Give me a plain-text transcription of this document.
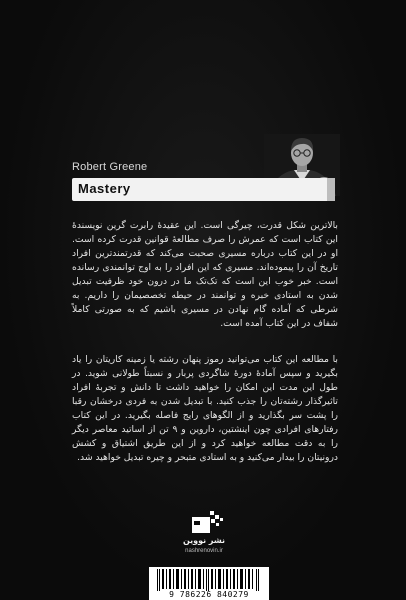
Robert Greene
Mastery
بالاترین شکل قدرت، چیرگی است. این عقیدۀ رابرت گرین نویسندۀ این کتاب است که عمرش را صرف مطالعۀ قوانین قدرت کرده است. او در این کتاب درباره مسیری صحبت می‌کند که قدرتمندترین افراد تاریخ آن را پیموده‌اند. مسیری که این افراد را به اوج توانمندی رسانده است. خبر خوب این است که تک‌تک ما در درون خود ظرفیت تبدیل شدن به استادی خبره و توانمند در حیطه تخصصیمان را داریم. به شرطی که آماده گام نهادن در مسیری باشیم که به صورتی کاملاً شفاف در این کتاب آمده است.
با مطالعه این کتاب می‌توانید رموز پنهان رشته یا زمینه کاریتان را یاد بگیرید و سپس آمادۀ دورۀ شاگردی پربار و نسبتاً طولانی شوید. در طول این مدت این امکان را خواهید داشت تا دانش و تجربۀ افراد تاثیرگذار رشته‌تان را جذب کنید. با تبدیل شدن به فردی درخشان رقبا را پشت سر بگذارید و از الگوهای رایج فاصله بگیرید. در این کتاب رفتارهای افرادی چون اینشتین، داروین و ۹ تن از اساتید معاصر دیگر را به دقت مطالعه خواهید کرد و از این طریق اشتیاق و کشش درونیتان را بیدار می‌کنید و به استادی متبحر و چیره تبدیل خواهید شد.
نشر نووین
nashrenovin.ir
9 786226 840279
